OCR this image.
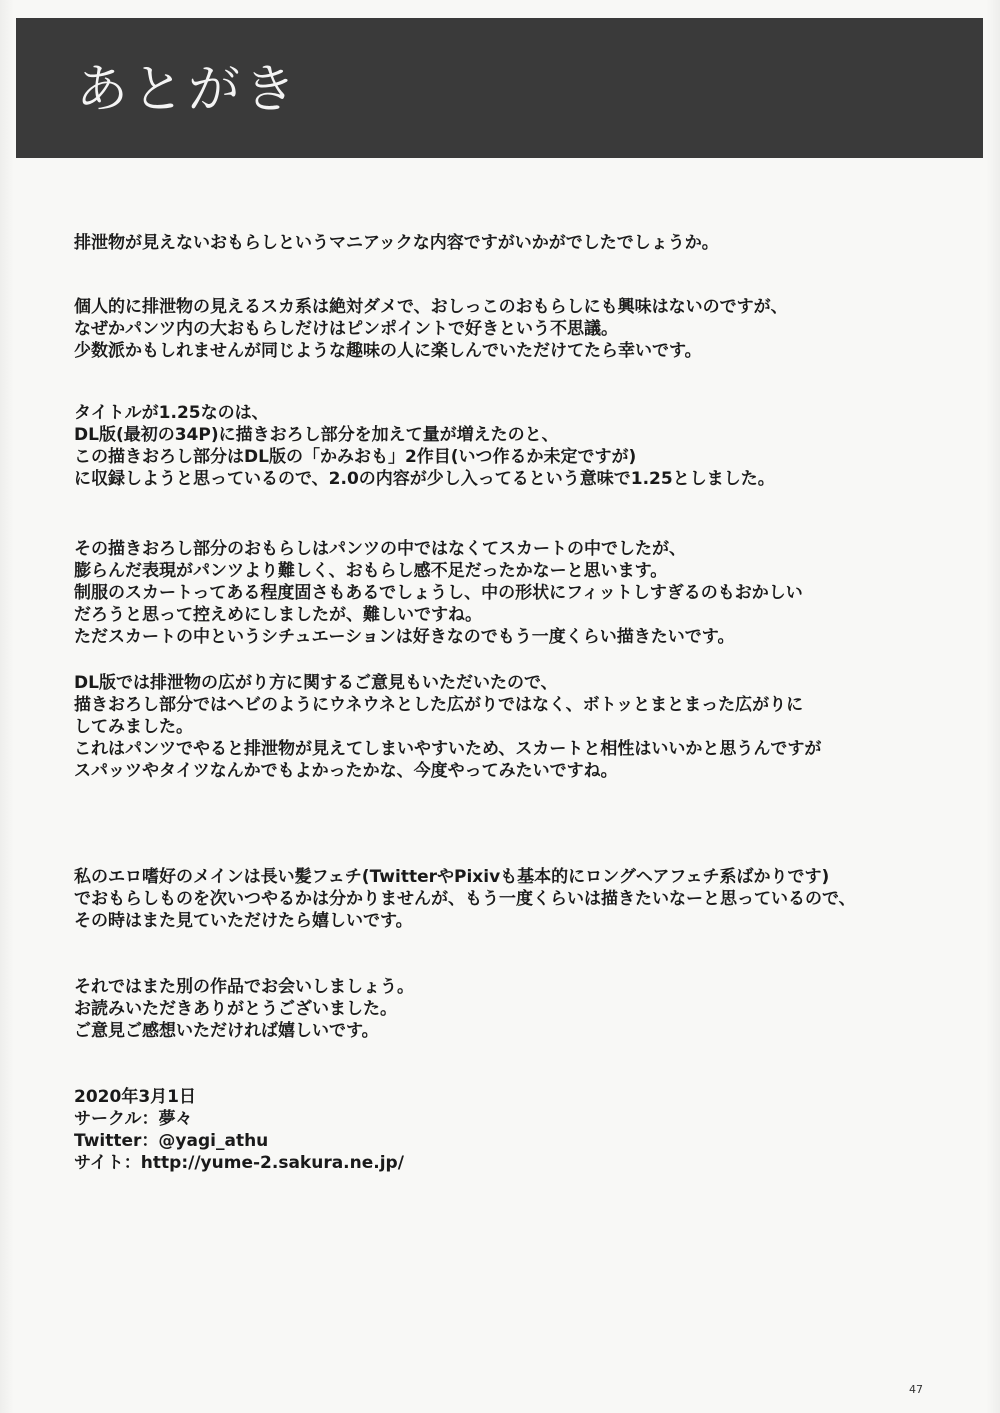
あとがき
排泄物が見えないおもらしというマニアックな内容ですがいかがでしたでしょうか。
個人的に排泄物の見えるスカ系は絶対ダメで、おしっこのおもらしにも興味はないのですが、
なぜかパンツ内の大おもらしだけはピンポイントで好きという不思議。
少数派かもしれませんが同じような趣味の人に楽しんでいただけてたら幸いです。
タイトルが1.25なのは、
DL版(最初の34P)に描きおろし部分を加えて量が増えたのと、
この描きおろし部分はDL版の「かみおも」2作目(いつ作るか未定ですが)
に収録しようと思っているので、2.0の内容が少し入ってるという意味で1.25としました。
その描きおろし部分のおもらしはパンツの中ではなくてスカートの中でしたが、
膨らんだ表現がパンツより難しく、おもらし感不足だったかなーと思います。
制服のスカートってある程度固さもあるでしょうし、中の形状にフィットしすぎるのもおかしい
だろうと思って控えめにしましたが、難しいですね。
ただスカートの中というシチュエーションは好きなのでもう一度くらい描きたいです。
DL版では排泄物の広がり方に関するご意見もいただいたので、
描きおろし部分ではヘビのようにウネウネとした広がりではなく、ボトッとまとまった広がりに
してみました。
これはパンツでやると排泄物が見えてしまいやすいため、スカートと相性はいいかと思うんですが
スパッツやタイツなんかでもよかったかな、今度やってみたいですね。
私のエロ嗜好のメインは長い髪フェチ(TwitterやPixivも基本的にロングヘアフェチ系ばかりです)
でおもらしものを次いつやるかは分かりませんが、もう一度くらいは描きたいなーと思っているので、
その時はまた見ていただけたら嬉しいです。
それではまた別の作品でお会いしましょう。
お読みいただきありがとうございました。
ご意見ご感想いただければ嬉しいです。
2020年3月1日
サークル：夢々
Twitter：@yagi_athu
サイト：http://yume-2.sakura.ne.jp/
47
